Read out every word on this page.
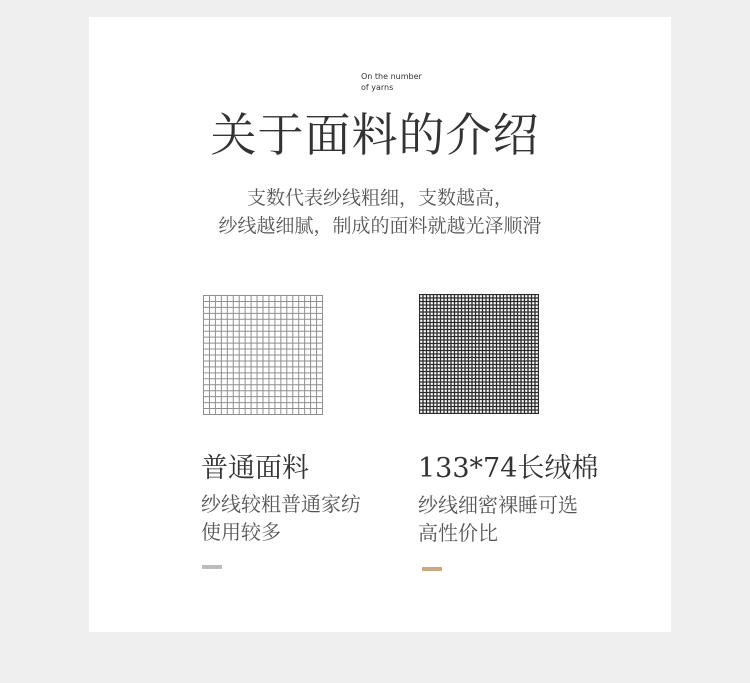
On the number
of yarns
关于面料的介绍
支数代表纱线粗细，支数越高，
纱线越细腻，制成的面料就越光泽顺滑
普通面料
纱线较粗普通家纺
使用较多
133*74长绒棉
纱线细密裸睡可选
高性价比
